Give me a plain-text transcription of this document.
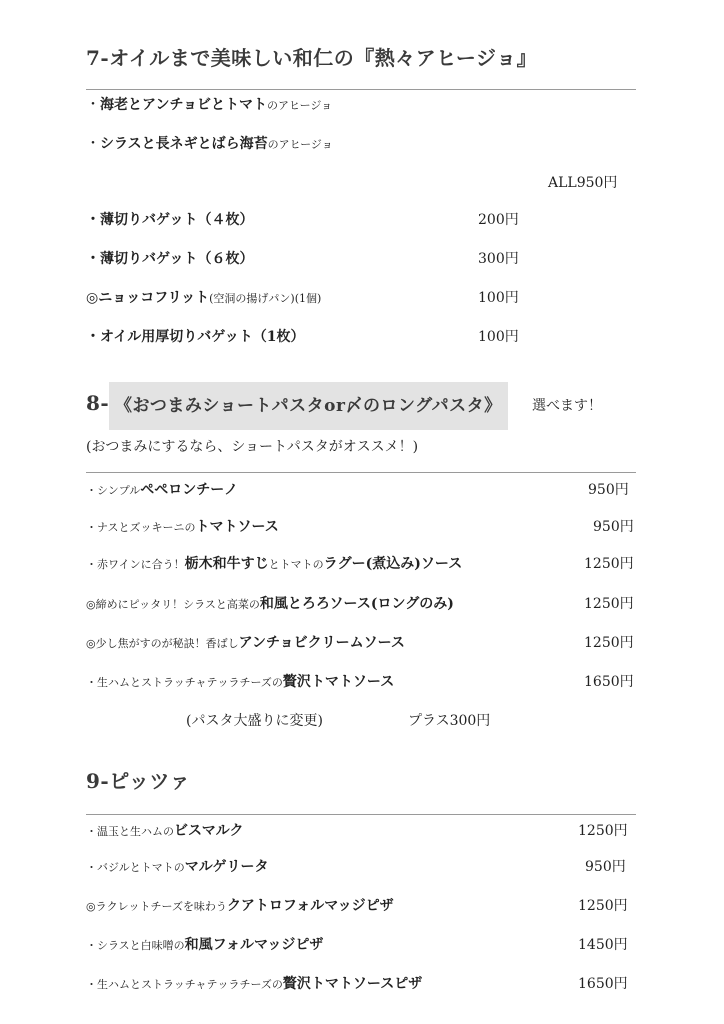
7-オイルまで美味しい和仁の『熱々アヒージョ』
・海老とアンチョビとトマトのアヒージョ
・シラスと長ネギとばら海苔のアヒージョ
ALL950円
・薄切りバゲット（４枚）	200円
・薄切りバゲット（６枚）	300円
◎ニョッコフリット(空洞の揚げパン)(1個)	100円
・オイル用厚切りバゲット（1枚）	100円
8- 《おつまみショートパスタor〆のロングパスタ》	選べます！
(おつまみにするなら、ショートパスタがオススメ！)
・シンプルペペロンチーノ	950円
・ナスとズッキーニのトマトソース	950円
・赤ワインに合う！栃木和牛すじとトマトのラグー(煮込み)ソース	1250円
◎締めにピッタリ！シラスと高菜の和風とろろソース(ロングのみ)	1250円
◎少し焦がすのが秘訣！香ばしアンチョビクリームソース	1250円
・生ハムとストラッチャテッラチーズの贅沢トマトソース	1650円
(パスタ大盛りに変更)	プラス300円
9-ピッツァ
・温玉と生ハムのビスマルク	1250円
・バジルとトマトのマルゲリータ	950円
◎ラクレットチーズを味わうクアトロフォルマッジピザ	1250円
・シラスと白味噌の和風フォルマッジピザ	1450円
・生ハムとストラッチャテッラチーズの贅沢トマトソースピザ	1650円
